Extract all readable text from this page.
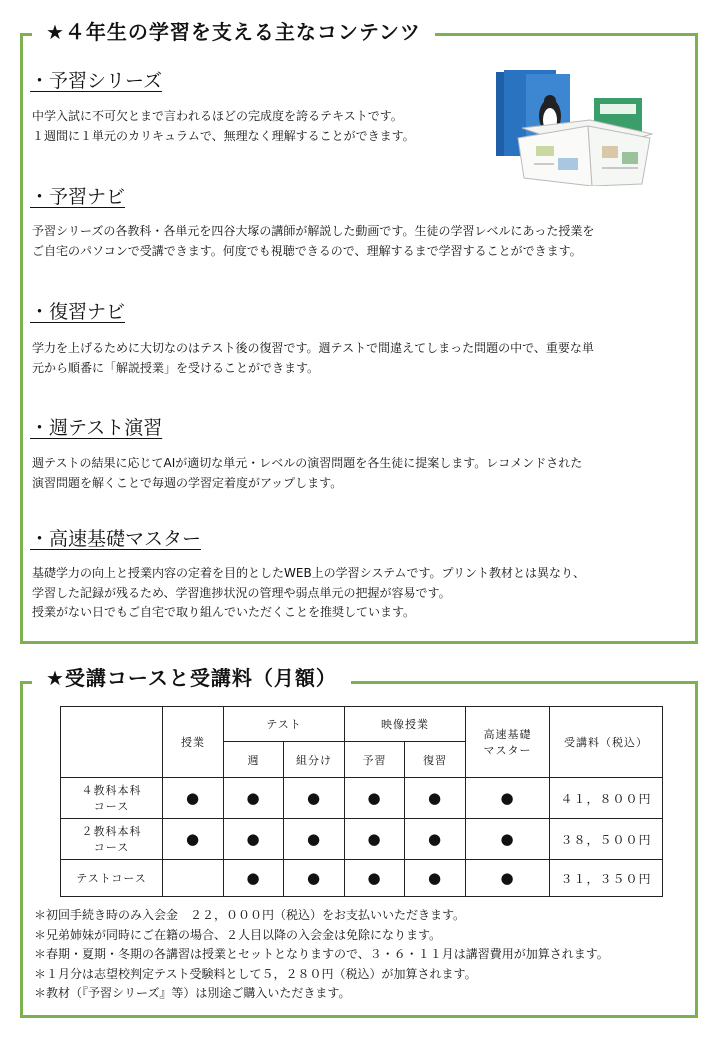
★４年生の学習を支える主なコンテンツ
・予習シリーズ

中学入試に不可欠とまで言われるほどの完成度を誇るテキストです。
１週間に１単元のカリキュラムで、無理なく理解することができます。

・予習ナビ

予習シリーズの各教科・各単元を四谷大塚の講師が解説した動画です。生徒の学習レベルにあった授業を
ご自宅のパソコンで受講できます。何度でも視聴できるので、理解するまで学習することができます。

・復習ナビ

学力を上げるために大切なのはテスト後の復習です。週テストで間違えてしまった問題の中で、重要な単
元から順番に「解説授業」を受けることができます。

・週テスト演習

週テストの結果に応じてAIが適切な単元・レベルの演習問題を各生徒に提案します。レコメンドされた
演習問題を解くことで毎週の学習定着度がアップします。

・高速基礎マスター

基礎学力の向上と授業内容の定着を目的としたWEB上の学習システムです。プリント教材とは異なり、
学習した記録が残るため、学習進捗状況の管理や弱点単元の把握が容易です。
授業がない日でもご自宅で取り組んでいただくことを推奨しています。

★受講コースと受講料（月額）
	授業	テスト		映像授業		高速基礎
マスター	受講料（税込）
		週	組分け	予習	復習		

４教科本科
コース	●	●	●	●	●	●	４１，８００円

２教科本科
コース	●	●	●	●	●	●	３８，５００円

テストコース		●	●	●	●	●	３１，３５０円
＊初回手続き時のみ入会金　２２，０００円（税込）をお支払いいただきます。
＊兄弟姉妹が同時にご在籍の場合、２人目以降の入会金は免除になります。
＊春期・夏期・冬期の各講習は授業とセットとなりますので、３・６・１１月は講習費用が加算されます。
＊１月分は志望校判定テスト受験料として５，２８０円（税込）が加算されます。
＊教材（『予習シリーズ』等）は別途ご購入いただきます。
